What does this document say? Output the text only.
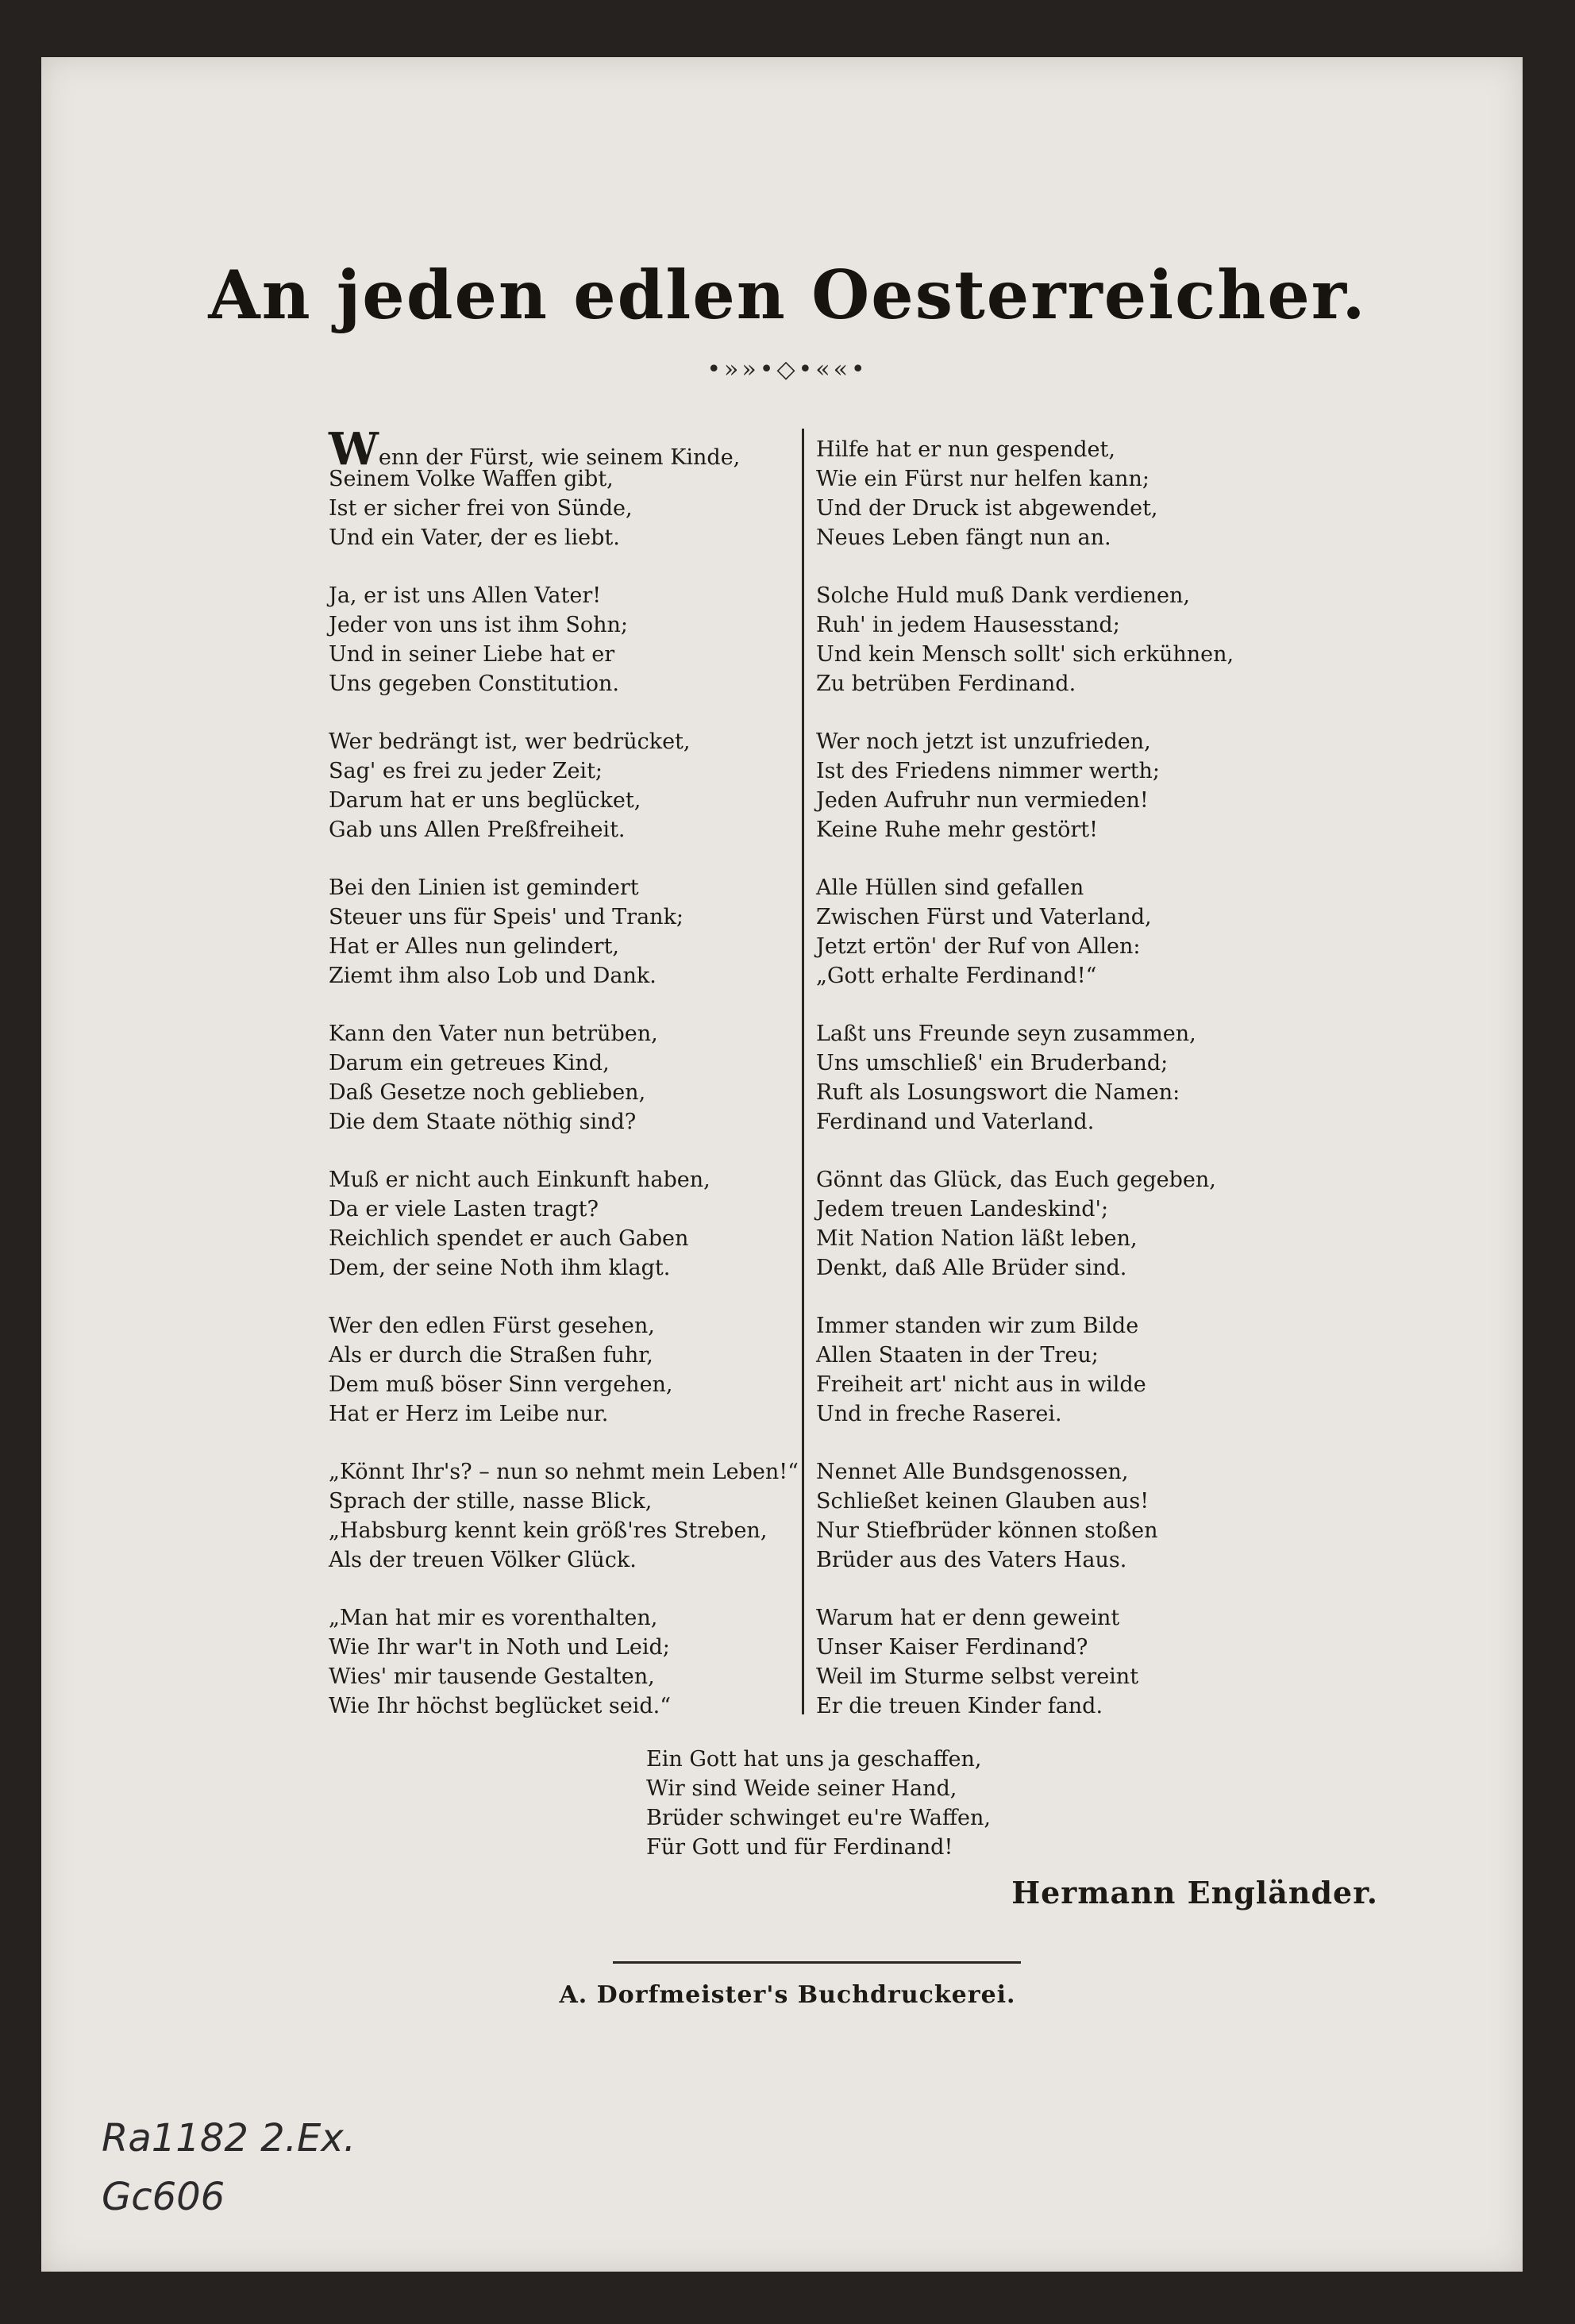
An jeden edlen Oesterreicher.
•»»•◇•««•
Wenn der Fürst, wie seinem Kinde,
Seinem Volke Waffen gibt,
Ist er sicher frei von Sünde,
Und ein Vater, der es liebt.
Ja, er ist uns Allen Vater!
Jeder von uns ist ihm Sohn;
Und in seiner Liebe hat er
Uns gegeben Constitution.
Wer bedrängt ist, wer bedrücket,
Sag' es frei zu jeder Zeit;
Darum hat er uns beglücket,
Gab uns Allen Preßfreiheit.
Bei den Linien ist gemindert
Steuer uns für Speis' und Trank;
Hat er Alles nun gelindert,
Ziemt ihm also Lob und Dank.
Kann den Vater nun betrüben,
Darum ein getreues Kind,
Daß Gesetze noch geblieben,
Die dem Staate nöthig sind?
Muß er nicht auch Einkunft haben,
Da er viele Lasten tragt?
Reichlich spendet er auch Gaben
Dem, der seine Noth ihm klagt.
Wer den edlen Fürst gesehen,
Als er durch die Straßen fuhr,
Dem muß böser Sinn vergehen,
Hat er Herz im Leibe nur.
„Könnt Ihr's? – nun so nehmt mein Leben!“
Sprach der stille, nasse Blick,
„Habsburg kennt kein größ'res Streben,
Als der treuen Völker Glück.
„Man hat mir es vorenthalten,
Wie Ihr war't in Noth und Leid;
Wies' mir tausende Gestalten,
Wie Ihr höchst beglücket seid.“
Hilfe hat er nun gespendet,
Wie ein Fürst nur helfen kann;
Und der Druck ist abgewendet,
Neues Leben fängt nun an.
Solche Huld muß Dank verdienen,
Ruh' in jedem Hausesstand;
Und kein Mensch sollt' sich erkühnen,
Zu betrüben Ferdinand.
Wer noch jetzt ist unzufrieden,
Ist des Friedens nimmer werth;
Jeden Aufruhr nun vermieden!
Keine Ruhe mehr gestört!
Alle Hüllen sind gefallen
Zwischen Fürst und Vaterland,
Jetzt ertön' der Ruf von Allen:
„Gott erhalte Ferdinand!“
Laßt uns Freunde seyn zusammen,
Uns umschließ' ein Bruderband;
Ruft als Losungswort die Namen:
Ferdinand und Vaterland.
Gönnt das Glück, das Euch gegeben,
Jedem treuen Landeskind';
Mit Nation Nation läßt leben,
Denkt, daß Alle Brüder sind.
Immer standen wir zum Bilde
Allen Staaten in der Treu;
Freiheit art' nicht aus in wilde
Und in freche Raserei.
Nennet Alle Bundsgenossen,
Schließet keinen Glauben aus!
Nur Stiefbrüder können stoßen
Brüder aus des Vaters Haus.
Warum hat er denn geweint
Unser Kaiser Ferdinand?
Weil im Sturme selbst vereint
Er die treuen Kinder fand.
Ein Gott hat uns ja geschaffen,
Wir sind Weide seiner Hand,
Brüder schwinget eu're Waffen,
Für Gott und für Ferdinand!

Hermann Engländer.

A. Dorfmeister's Buchdruckerei.
Ra1182 2.Ex.
Gc606
